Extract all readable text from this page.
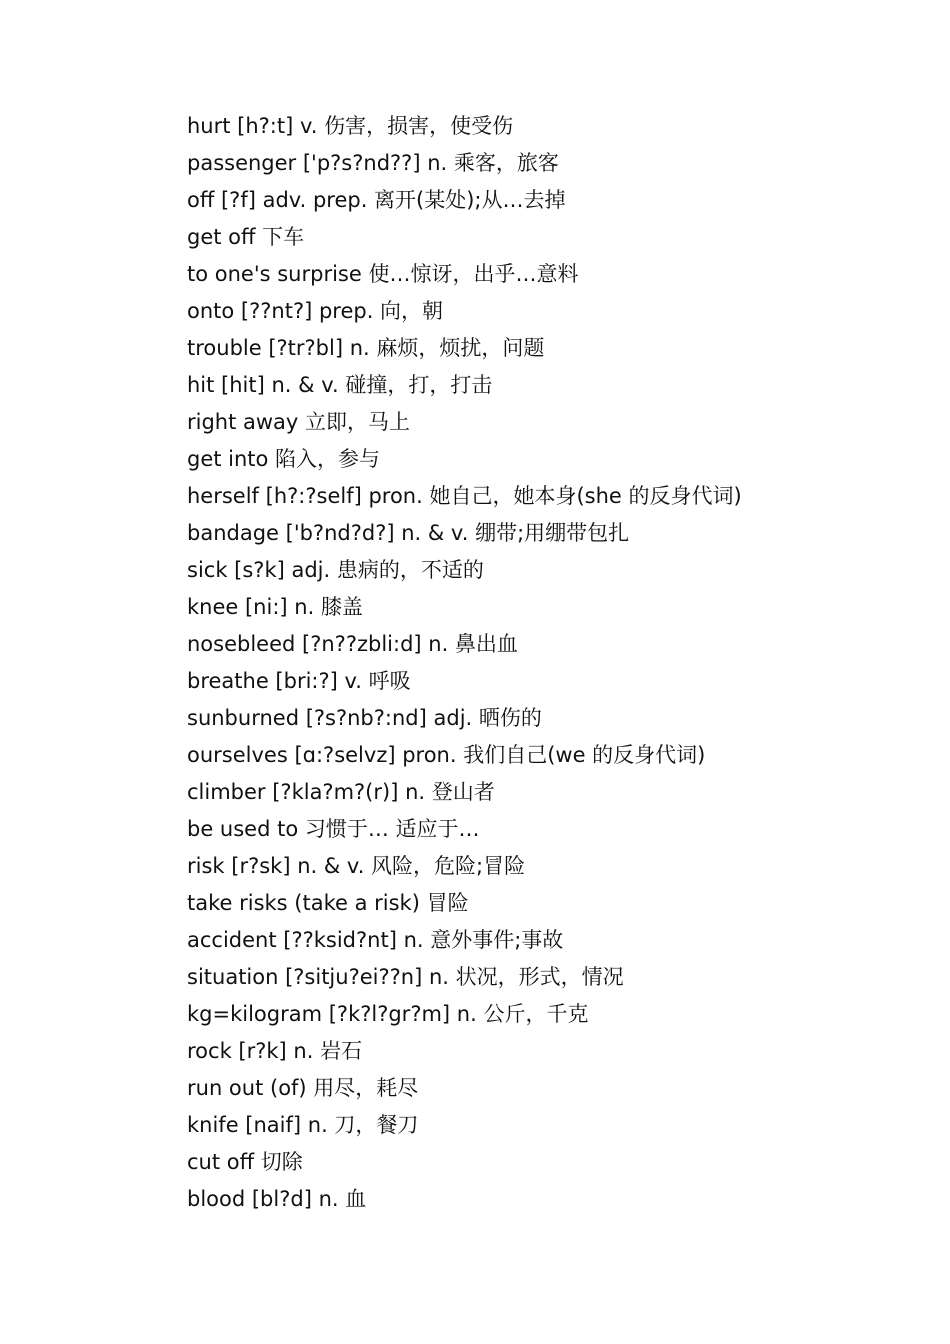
hurt [h?:t] v. 伤害，损害，使受伤
passenger ['p?s?nd??] n. 乘客，旅客
off [?f] adv. prep. 离开(某处);从…去掉
get off 下车
to one's surprise 使…惊讶，出乎…意料
onto [??nt?] prep. 向，朝
trouble [?tr?bl] n. 麻烦，烦扰，问题
hit [hit] n. & v. 碰撞，打，打击
right away 立即，马上
get into 陷入，参与
herself [h?:?self] pron. 她自己，她本身(she 的反身代词)
bandage ['b?nd?d?] n. & v. 绷带;用绷带包扎
sick [s?k] adj. 患病的，不适的
knee [ni:] n. 膝盖
nosebleed [?n??zbli:d] n. 鼻出血
breathe [bri:?] v. 呼吸
sunburned [?s?nb?:nd] adj. 晒伤的
ourselves [ɑ:?selvz] pron. 我们自己(we 的反身代词)
climber [?kla?m?(r)] n. 登山者
be used to 习惯于… 适应于…
risk [r?sk] n. & v. 风险，危险;冒险
take risks (take a risk) 冒险
accident [??ksid?nt] n. 意外事件;事故
situation [?sitju?ei??n] n. 状况，形式，情况
kg=kilogram [?k?l?gr?m] n. 公斤，千克
rock [r?k] n. 岩石
run out (of) 用尽，耗尽
knife [naif] n. 刀，餐刀
cut off 切除
blood [bl?d] n. 血
